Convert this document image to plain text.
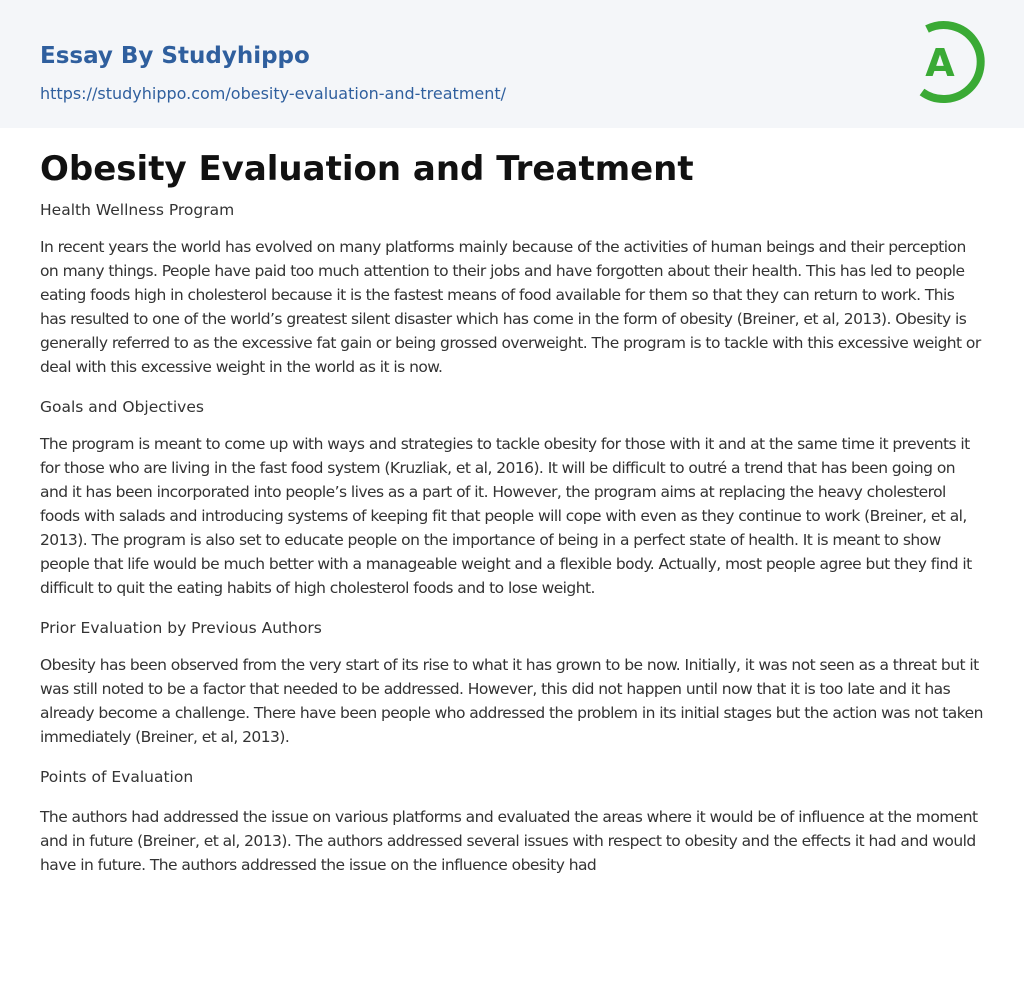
Essay By Studyhippo
https://studyhippo.com/obesity-evaluation-and-treatment/
A
Obesity Evaluation and Treatment

Health Wellness Program

In recent years the world has evolved on many platforms mainly because of the activities of human beings and their perception on many things. People have paid too much attention to their jobs and have forgotten about their health. This has led to people eating foods high in cholesterol because it is the fastest means of food available for them so that they can return to work. This has resulted to one of the world’s greatest silent disaster which has come in the form of obesity (Breiner, et al, 2013). Obesity is generally referred to as the excessive fat gain or being grossed overweight. The program is to tackle with this excessive weight or deal with this excessive weight in the world as it is now.

Goals and Objectives

The program is meant to come up with ways and strategies to tackle obesity for those with it and at the same time it prevents it for those who are living in the fast food system (Kruzliak, et al, 2016). It will be difficult to outré a trend that has been going on and it has been incorporated into people’s lives as a part of it. However, the program aims at replacing the heavy cholesterol foods with salads and introducing systems of keeping fit that people will cope with even as they continue to work (Breiner, et al, 2013). The program is also set to educate people on the importance of being in a perfect state of health. It is meant to show people that life would be much better with a manageable weight and a flexible body. Actually, most people agree but they find it difficult to quit the eating habits of high cholesterol foods and to lose weight.

Prior Evaluation by Previous Authors

Obesity has been observed from the very start of its rise to what it has grown to be now. Initially, it was not seen as a threat but it was still noted to be a factor that needed to be addressed. However, this did not happen until now that it is too late and it has already become a challenge. There have been people who addressed the problem in its initial stages but the action was not taken immediately (Breiner, et al, 2013).

Points of Evaluation

The authors had addressed the issue on various platforms and evaluated the areas where it would be of influence at the moment and in future (Breiner, et al, 2013). The authors addressed several issues with respect to obesity and the effects it had and would have in future. The authors addressed the issue on the influence obesity had
